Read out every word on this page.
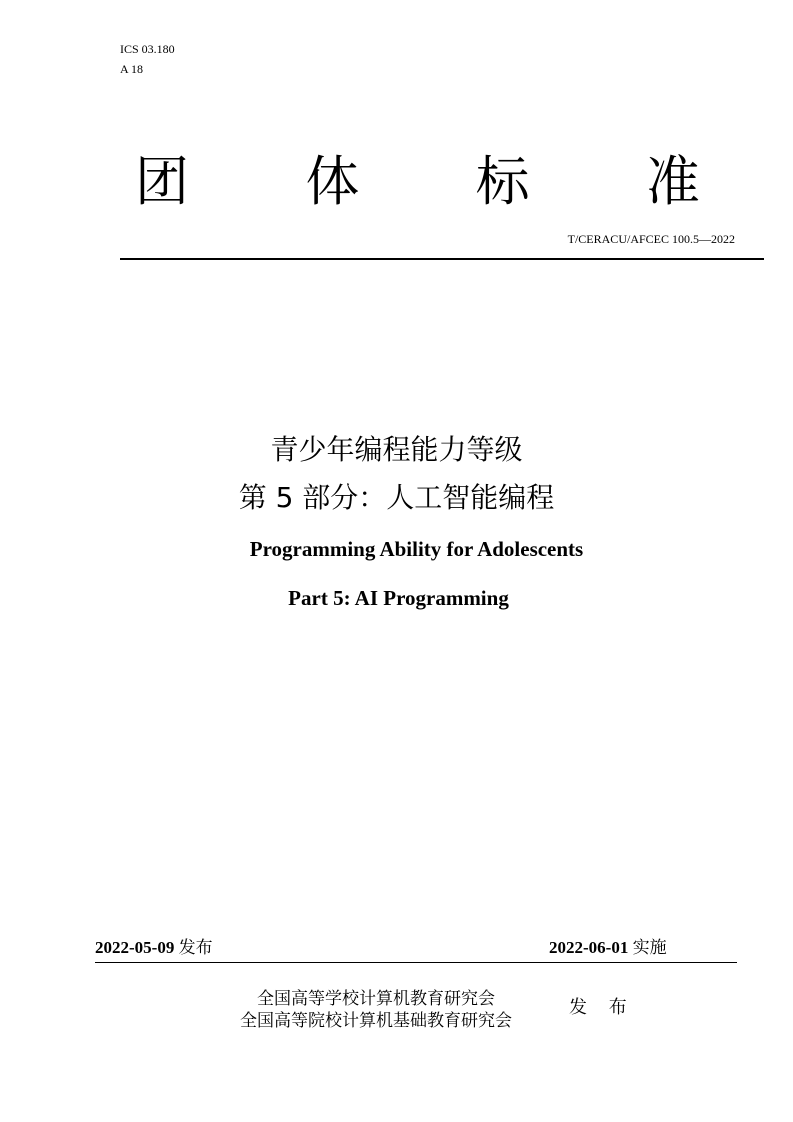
ICS 03.180
A 18
团 体 标 准
T/CERACU/AFCEC 100.5—2022
青少年编程能力等级
第 5 部分：人工智能编程
Programming Ability for Adolescents
Part 5: AI Programming
2022-05-09 发布	2022-06-01 实施
全国高等学校计算机教育研究会
全国高等院校计算机基础教育研究会
发 布
